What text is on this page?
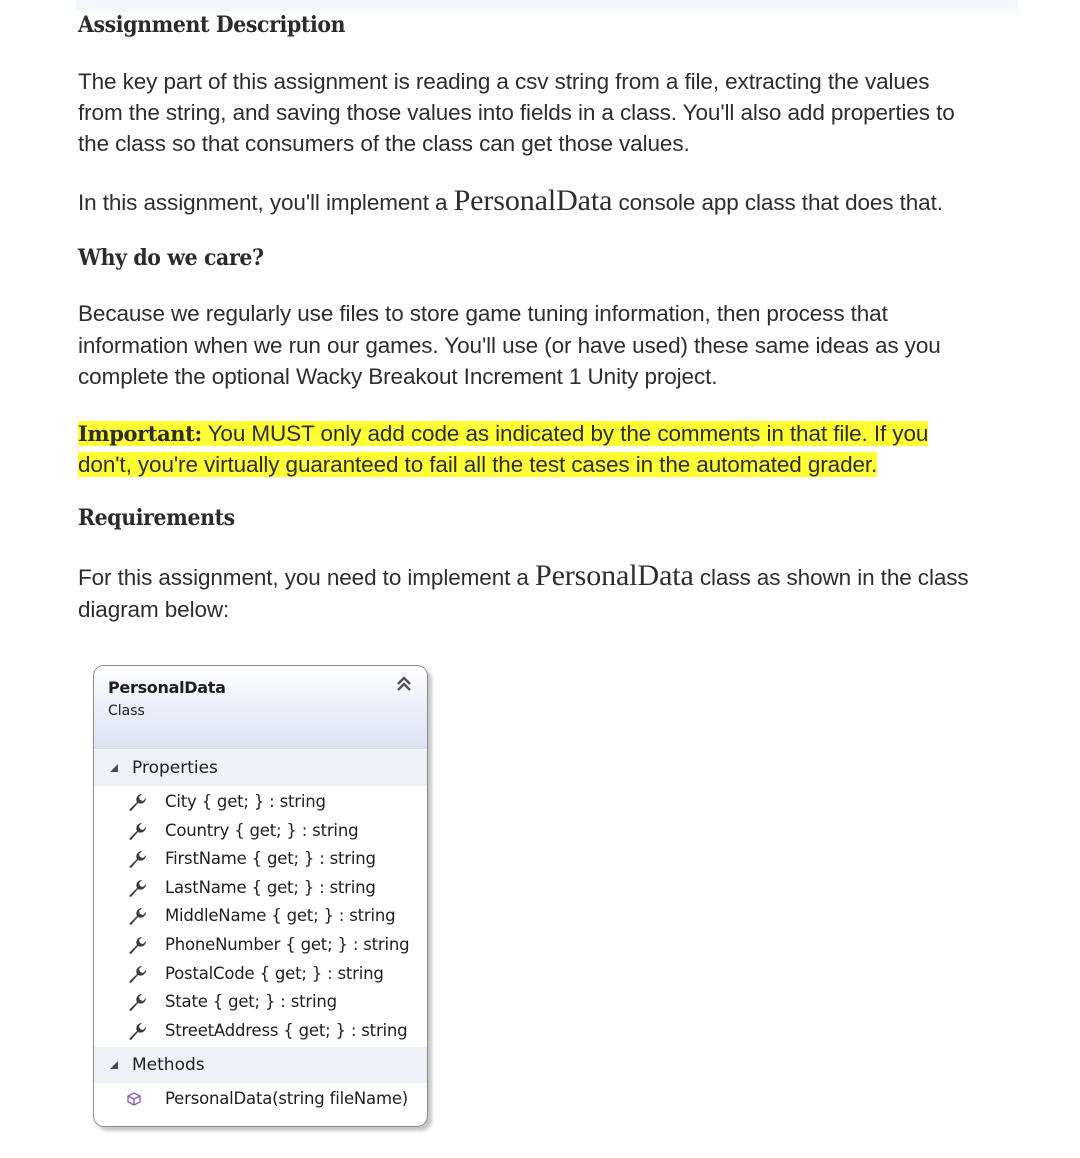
Assignment Description

The key part of this assignment is reading a csv string from a file, extracting the values

from the string, and saving those values into fields in a class. You'll also add properties to

the class so that consumers of the class can get those values.

In this assignment, you'll implement a PersonalData console app class that does that.

Why do we care?

Because we regularly use files to store game tuning information, then process that

information when we run our games. You'll use (or have used) these same ideas as you

complete the optional Wacky Breakout Increment 1 Unity project.

Important: You MUST only add code as indicated by the comments in that file. If you

don't, you're virtually guaranteed to fail all the test cases in the automated grader.

Requirements

For this assignment, you need to implement a PersonalData class as shown in the class

diagram below:

PersonalData
Class
Properties
City { get; } : string
Country { get; } : string
FirstName { get; } : string
LastName { get; } : string
MiddleName { get; } : string
PhoneNumber { get; } : string
PostalCode { get; } : string
State { get; } : string
StreetAddress { get; } : string
Methods
PersonalData(string fileName)
